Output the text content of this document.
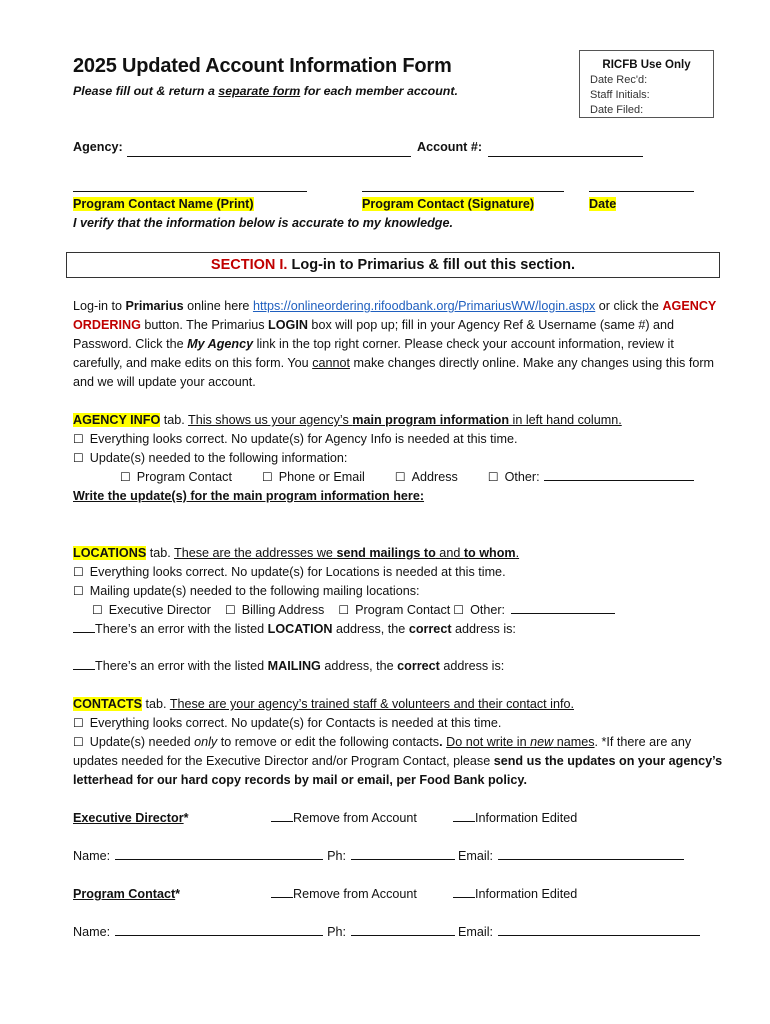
2025 Updated Account Information Form
Please fill out & return a separate form for each member account.
RICFB Use Only
Date Rec'd:
Staff Initials:
Date Filed:
Agency:	Account #:
Program Contact Name (Print)	Program Contact (Signature)	Date
I verify that the information below is accurate to my knowledge.
SECTION I. Log-in to Primarius & fill out this section.
Log-in to Primarius online here https://onlineordering.rifoodbank.org/PrimariusWW/login.aspx or click the AGENCY ORDERING button. The Primarius LOGIN box will pop up; fill in your Agency Ref & Username (same #) and Password. Click the My Agency link in the top right corner. Please check your account information, review it carefully, and make edits on this form. You cannot make changes directly online. Make any changes using this form and we will update your account.
AGENCY INFO tab. This shows us your agency’s main program information in left hand column.
☐ Everything looks correct. No update(s) for Agency Info is needed at this time.
☐ Update(s) needed to the following information:
☐ Program Contact	☐ Phone or Email	☐ Address	☐ Other:
Write the update(s) for the main program information here:
LOCATIONS tab. These are the addresses we send mailings to and to whom.
☐ Everything looks correct. No update(s) for Locations is needed at this time.
☐ Mailing update(s) needed to the following mailing locations:
☐ Executive Director ☐ Billing Address ☐ Program Contact ☐ Other:
There’s an error with the listed LOCATION address, the correct address is:
There’s an error with the listed MAILING address, the correct address is:
CONTACTS tab. These are your agency’s trained staff & volunteers and their contact info.
☐ Everything looks correct. No update(s) for Contacts is needed at this time.
☐ Update(s) needed only to remove or edit the following contacts. Do not write in new names. *If there are any updates needed for the Executive Director and/or Program Contact, please send us the updates on your agency’s letterhead for our hard copy records by mail or email, per Food Bank policy.
Executive Director*	Remove from Account	Information Edited
Name:	Ph:	Email:
Program Contact*	Remove from Account	Information Edited
Name:	Ph:	Email:
